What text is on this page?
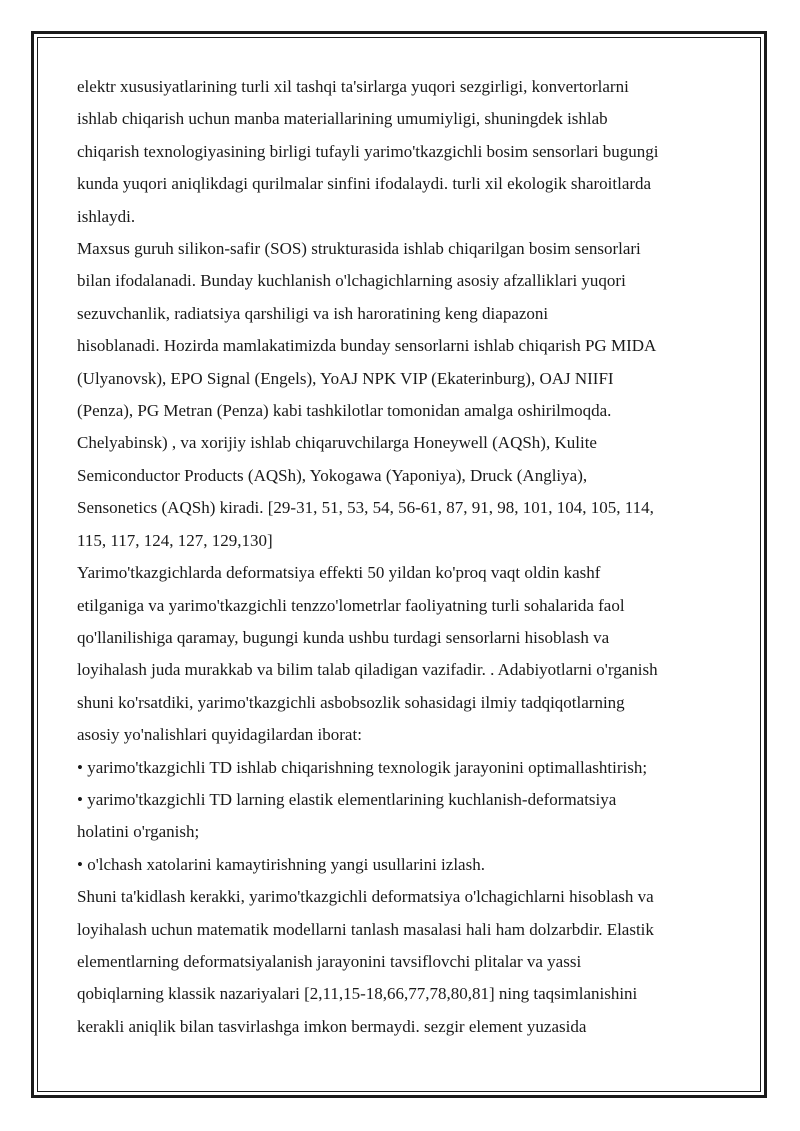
elektr xususiyatlarining turli xil tashqi ta'sirlarga yuqori sezgirligi, konvertorlarni
ishlab chiqarish uchun manba materiallarining umumiyligi, shuningdek ishlab
chiqarish texnologiyasining birligi tufayli yarimo'tkazgichli bosim sensorlari bugungi
kunda yuqori aniqlikdagi qurilmalar sinfini ifodalaydi. turli xil ekologik sharoitlarda
ishlaydi.
Maxsus guruh silikon-safir (SOS) strukturasida ishlab chiqarilgan bosim sensorlari
bilan ifodalanadi. Bunday kuchlanish o'lchagichlarning asosiy afzalliklari yuqori
sezuvchanlik, radiatsiya qarshiligi va ish haroratining keng diapazoni
hisoblanadi. Hozirda mamlakatimizda bunday sensorlarni ishlab chiqarish PG MIDA
(Ulyanovsk), EPO Signal (Engels), YoAJ NPK VIP (Ekaterinburg), OAJ NIIFI
(Penza), PG Metran (Penza) kabi tashkilotlar tomonidan amalga oshirilmoqda.
Chelyabinsk) , va xorijiy ishlab chiqaruvchilarga Honeywell (AQSh), Kulite
Semiconductor Products (AQSh), Yokogawa (Yaponiya), Druck (Angliya),
Sensonetics (AQSh) kiradi. [29-31, 51, 53, 54, 56-61, 87, 91, 98, 101, 104, 105, 114,
115, 117, 124, 127, 129,130]
Yarimo'tkazgichlarda deformatsiya effekti 50 yildan ko'proq vaqt oldin kashf
etilganiga va yarimo'tkazgichli tenzzo'lometrlar faoliyatning turli sohalarida faol
qo'llanilishiga qaramay, bugungi kunda ushbu turdagi sensorlarni hisoblash va
loyihalash juda murakkab va bilim talab qiladigan vazifadir. . Adabiyotlarni o'rganish
shuni ko'rsatdiki, yarimo'tkazgichli asbobsozlik sohasidagi ilmiy tadqiqotlarning
asosiy yo'nalishlari quyidagilardan iborat:
• yarimo'tkazgichli TD ishlab chiqarishning texnologik jarayonini optimallashtirish;
• yarimo'tkazgichli TD larning elastik elementlarining kuchlanish-deformatsiya
holatini o'rganish;
• o'lchash xatolarini kamaytirishning yangi usullarini izlash.
Shuni ta'kidlash kerakki, yarimo'tkazgichli deformatsiya o'lchagichlarni hisoblash va
loyihalash uchun matematik modellarni tanlash masalasi hali ham dolzarbdir. Elastik
elementlarning deformatsiyalanish jarayonini tavsiflovchi plitalar va yassi
qobiqlarning klassik nazariyalari [2,11,15-18,66,77,78,80,81] ning taqsimlanishini
kerakli aniqlik bilan tasvirlashga imkon bermaydi. sezgir element yuzasida
